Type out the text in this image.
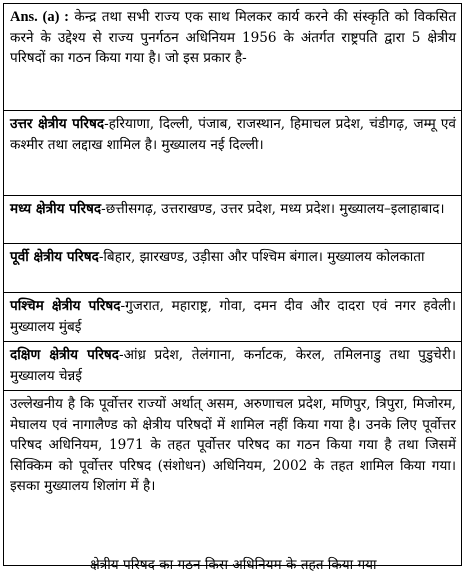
Ans. (a) : केन्द्र तथा सभी राज्य एक साथ मिलकर कार्य करने की संस्कृति को विकसित करने के उद्देश्य से राज्य पुनर्गठन अधिनियम 1956 के अंतर्गत राष्ट्रपति द्वारा 5 क्षेत्रीय परिषदों का गठन किया गया है। जो इस प्रकार है-
उत्तर क्षेत्रीय परिषद-हरियाणा, दिल्ली, पंजाब, राजस्थान, हिमाचल प्रदेश, चंडीगढ़, जम्मू एवं कश्मीर तथा लद्दाख शामिल है। मुख्यालय नई दिल्ली।
मध्य क्षेत्रीय परिषद-छत्तीसगढ़, उत्तराखण्ड, उत्तर प्रदेश, मध्य प्रदेश। मुख्यालय–इलाहाबाद।
पूर्वी क्षेत्रीय परिषद-बिहार, झारखण्ड, उड़ीसा और पश्चिम बंगाल। मुख्यालय कोलकाता
पश्चिम क्षेत्रीय परिषद-गुजरात, महाराष्ट्र, गोवा, दमन दीव और दादरा एवं नगर हवेली। मुख्यालय मुंबई
दक्षिण क्षेत्रीय परिषद-आंध्र प्रदेश, तेलंगाना, कर्नाटक, केरल, तमिलनाडु तथा पुडुचेरी। मुख्यालय चेन्नई
उल्लेखनीय है कि पूर्वोत्तर राज्यों अर्थात् असम, अरुणाचल प्रदेश, मणिपुर, त्रिपुरा, मिजोरम, मेघालय एवं नागालैण्ड को क्षेत्रीय परिषदों में शामिल नहीं किया गया है। उनके लिए पूर्वोत्तर परिषद अधिनियम, 1971 के तहत पूर्वोत्तर परिषद का गठन किया गया है तथा जिसमें सिक्किम को पूर्वोत्तर परिषद (संशोधन) अधिनियम, 2002 के तहत शामिल किया गया। इसका मुख्यालय शिलांग में है।
क्षेत्रीय परिषद का गठन किस अधिनियम के तहत किया गया
